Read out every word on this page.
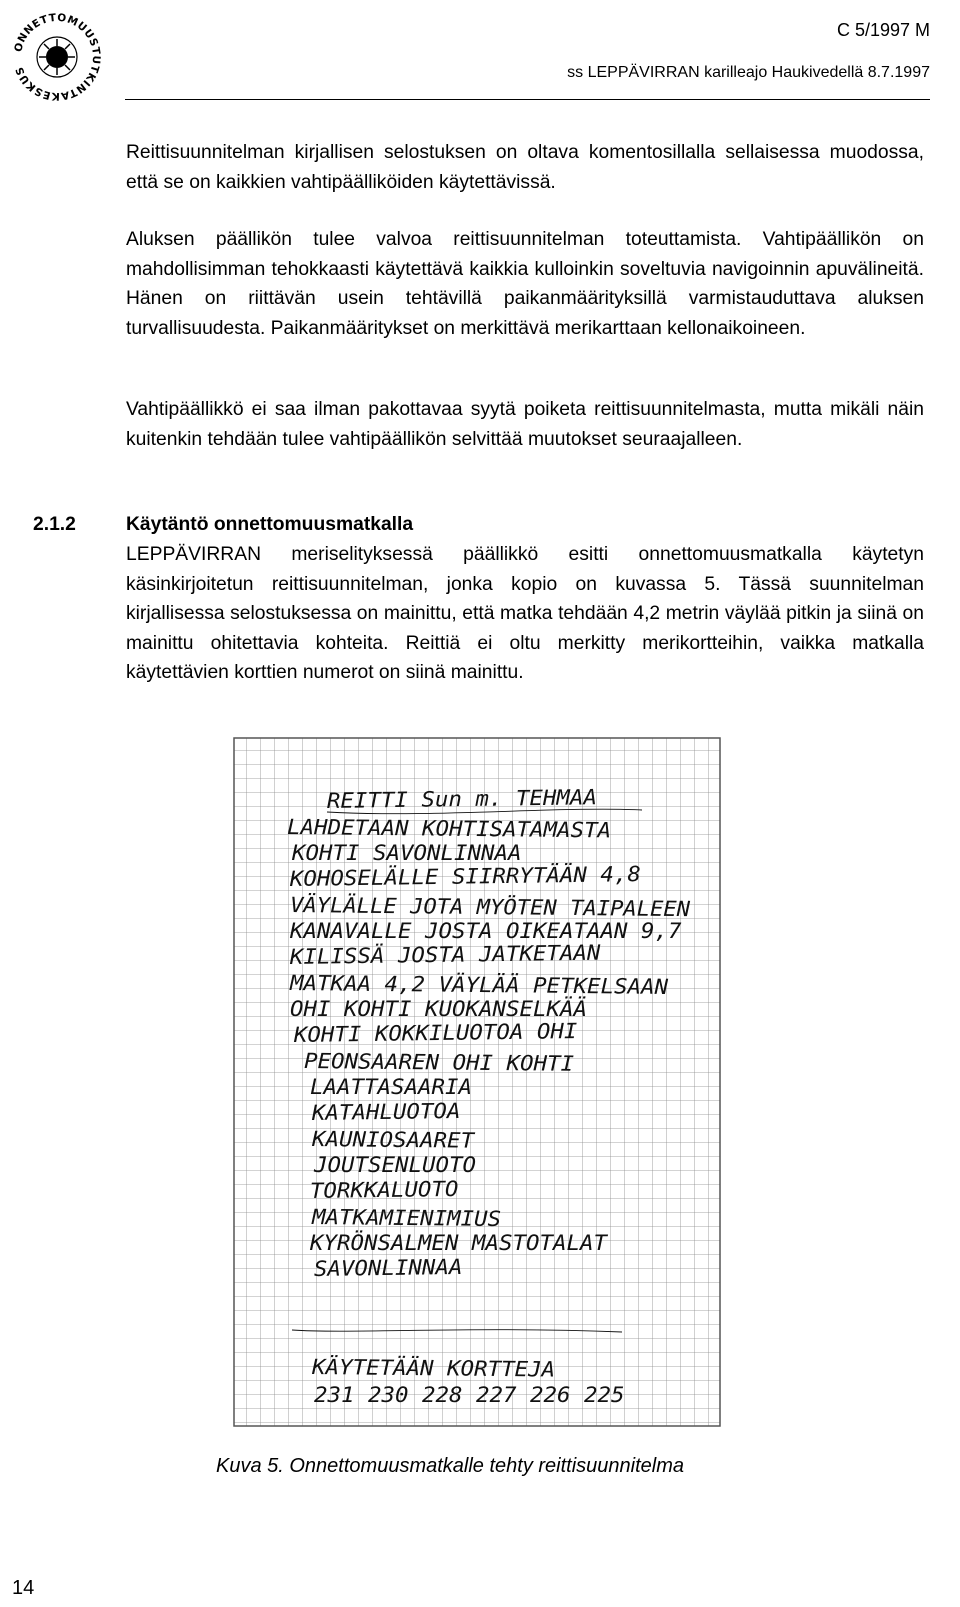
ONNETTOMUUSTUTKINTAKESKUS
C 5/1997 M
ss LEPPÄVIRRAN karilleajo Haukivedellä 8.7.1997
Reittisuunnitelman kirjallisen selostuksen on oltava komentosillalla sellaisessa muodossa, että se on kaikkien vahtipäälliköiden käytettävissä.
Aluksen päällikön tulee valvoa reittisuunnitelman toteuttamista. Vahtipäällikön on mahdollisimman tehokkaasti käytettävä kaikkia kulloinkin soveltuvia navigoinnin apuvälineitä. Hänen on riittävän usein tehtävillä paikanmäärityksillä varmistauduttava aluksen turvallisuudesta. Paikanmääritykset on merkittävä merikarttaan kellonaikoineen.
Vahtipäällikkö ei saa ilman pakottavaa syytä poiketa reittisuunnitelmasta, mutta mikäli näin kuitenkin tehdään tulee vahtipäällikön selvittää muutokset seuraajalleen.
2.1.2	Käytäntö onnettomuusmatkalla
LEPPÄVIRRAN meriselityksessä päällikkö esitti onnettomuusmatkalla käytetyn käsinkirjoitetun reittisuunnitelman, jonka kopio on kuvassa 5. Tässä suunnitelman kirjallisessa selostuksessa on mainittu, että matka tehdään 4,2 metrin väylää pitkin ja siinä on mainittu ohitettavia kohteita. Reittiä ei oltu merkitty merikortteihin, vaikka matkalla käytettävien korttien numerot on siinä mainittu.
REITTI Sun m. TEHMAA
LAHDETAAN KOHTISATAMASTA
KOHTI SAVONLINNAA
KOHOSELÄLLE SIIRRYTÄÄN 4,8
VÄYLÄLLE JOTA MYÖTEN TAIPALEEN
KANAVALLE JOSTA OIKEATAAN 9,7
KILISSÄ JOSTA JATKETAAN
MATKAA 4,2 VÄYLÄÄ PETKELSAAN
OHI KOHTI KUOKANSELKÄÄ
KOHTI KOKKILUOTOA OHI
PEONSAAREN OHI KOHTI
LAATTASAARIA
KATAHLUOTOA
KAUNIOSAARET
JOUTSENLUOTO
TORKKALUOTO
MATKAMIENIMIUS
KYRÖNSALMEN MASTOTALAT
SAVONLINNAA
KÄYTETÄÄN KORTTEJA
231 230 228 227 226 225
Kuva 5. Onnettomuusmatkalle tehty reittisuunnitelma
14
